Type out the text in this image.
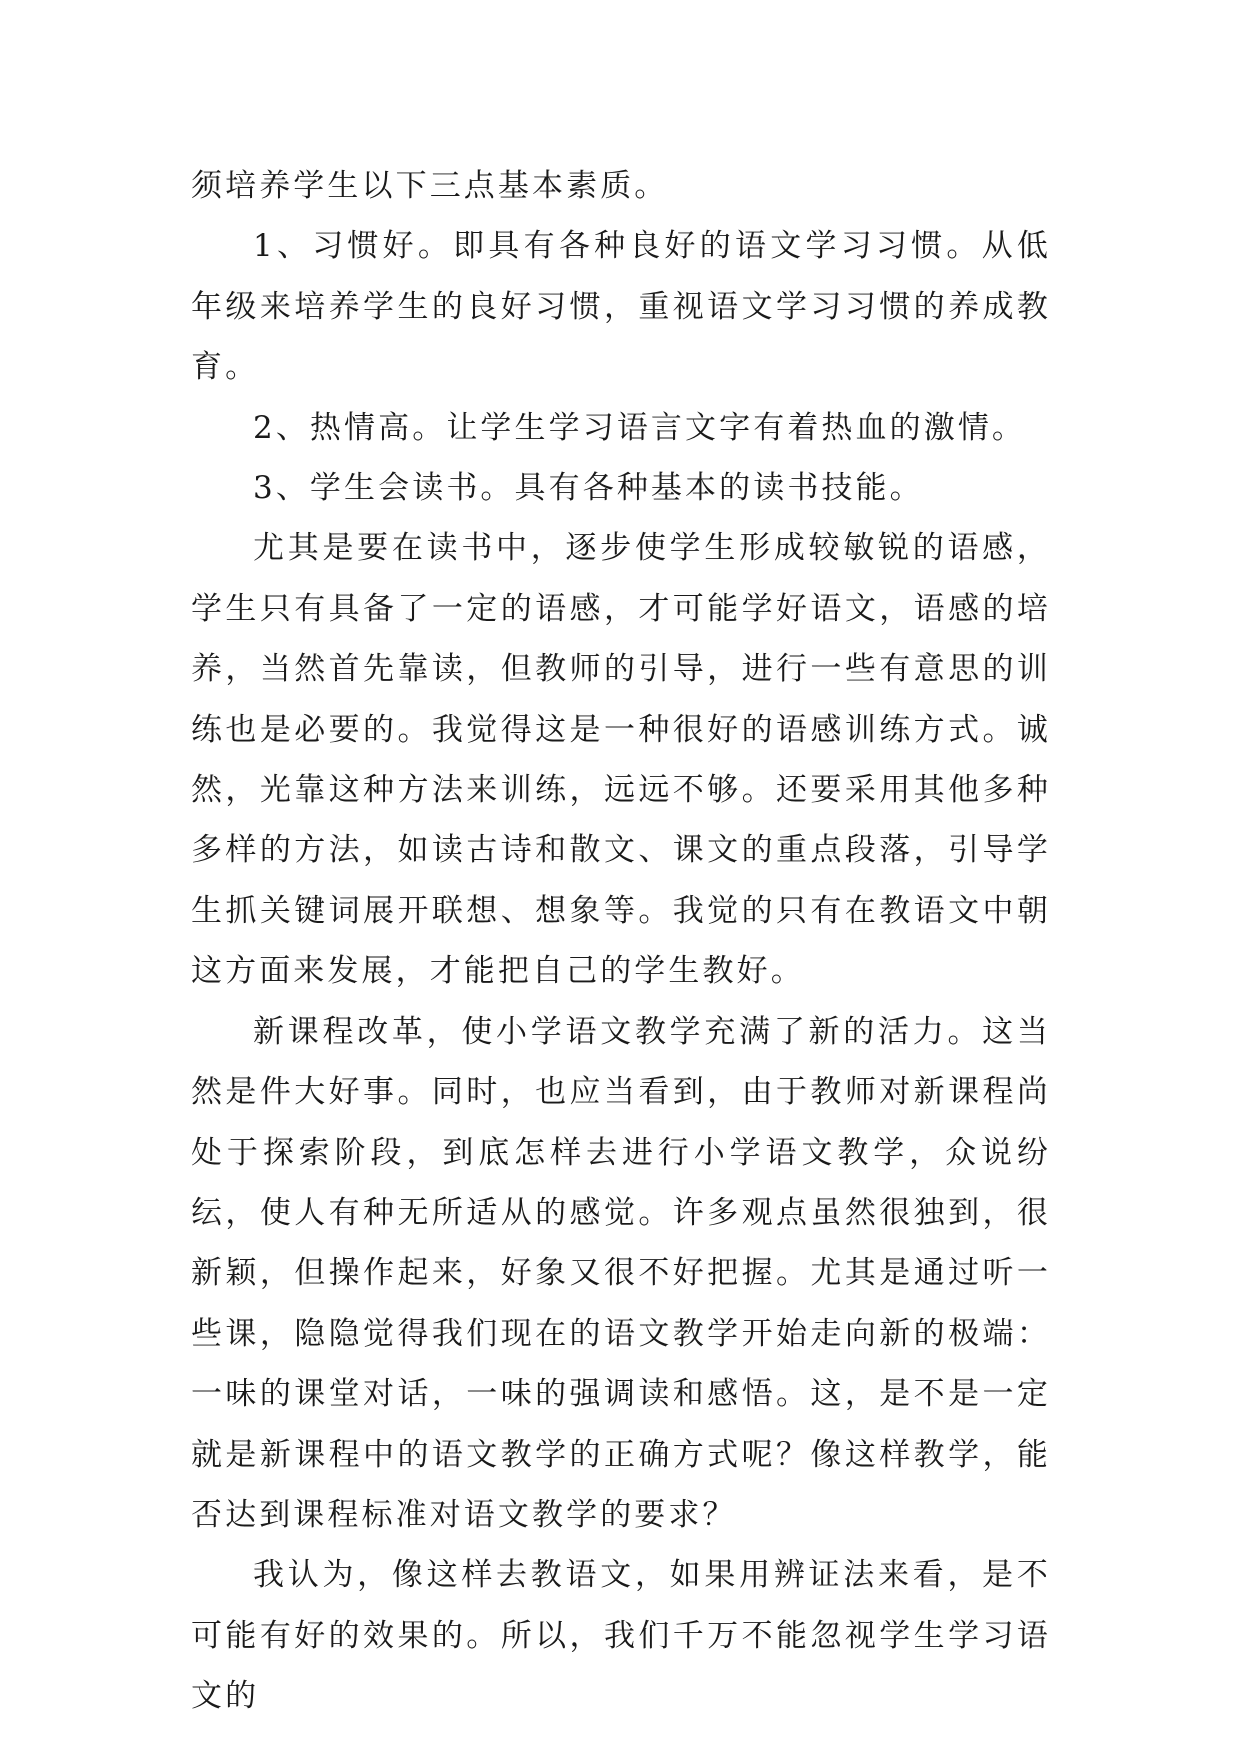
须培养学生以下三点基本素质。

1、习惯好。即具有各种良好的语文学习习惯。从低年级来培养学生的良好习惯，重视语文学习习惯的养成教育。

2、热情高。让学生学习语言文字有着热血的激情。

3、学生会读书。具有各种基本的读书技能。

尤其是要在读书中，逐步使学生形成较敏锐的语感，学生只有具备了一定的语感，才可能学好语文，语感的培养，当然首先靠读，但教师的引导，进行一些有意思的训练也是必要的。我觉得这是一种很好的语感训练方式。诚然，光靠这种方法来训练，远远不够。还要采用其他多种多样的方法，如读古诗和散文、课文的重点段落，引导学生抓关键词展开联想、想象等。我觉的只有在教语文中朝这方面来发展，才能把自己的学生教好。

新课程改革，使小学语文教学充满了新的活力。这当然是件大好事。同时，也应当看到，由于教师对新课程尚处于探索阶段，到底怎样去进行小学语文教学，众说纷纭，使人有种无所适从的感觉。许多观点虽然很独到，很新颖，但操作起来，好象又很不好把握。尤其是通过听一些课，隐隐觉得我们现在的语文教学开始走向新的极端：一味的课堂对话，一味的强调读和感悟。这，是不是一定就是新课程中的语文教学的正确方式呢？像这样教学，能否达到课程标准对语文教学的要求？

我认为，像这样去教语文，如果用辨证法来看，是不可能有好的效果的。所以，我们千万不能忽视学生学习语文的
